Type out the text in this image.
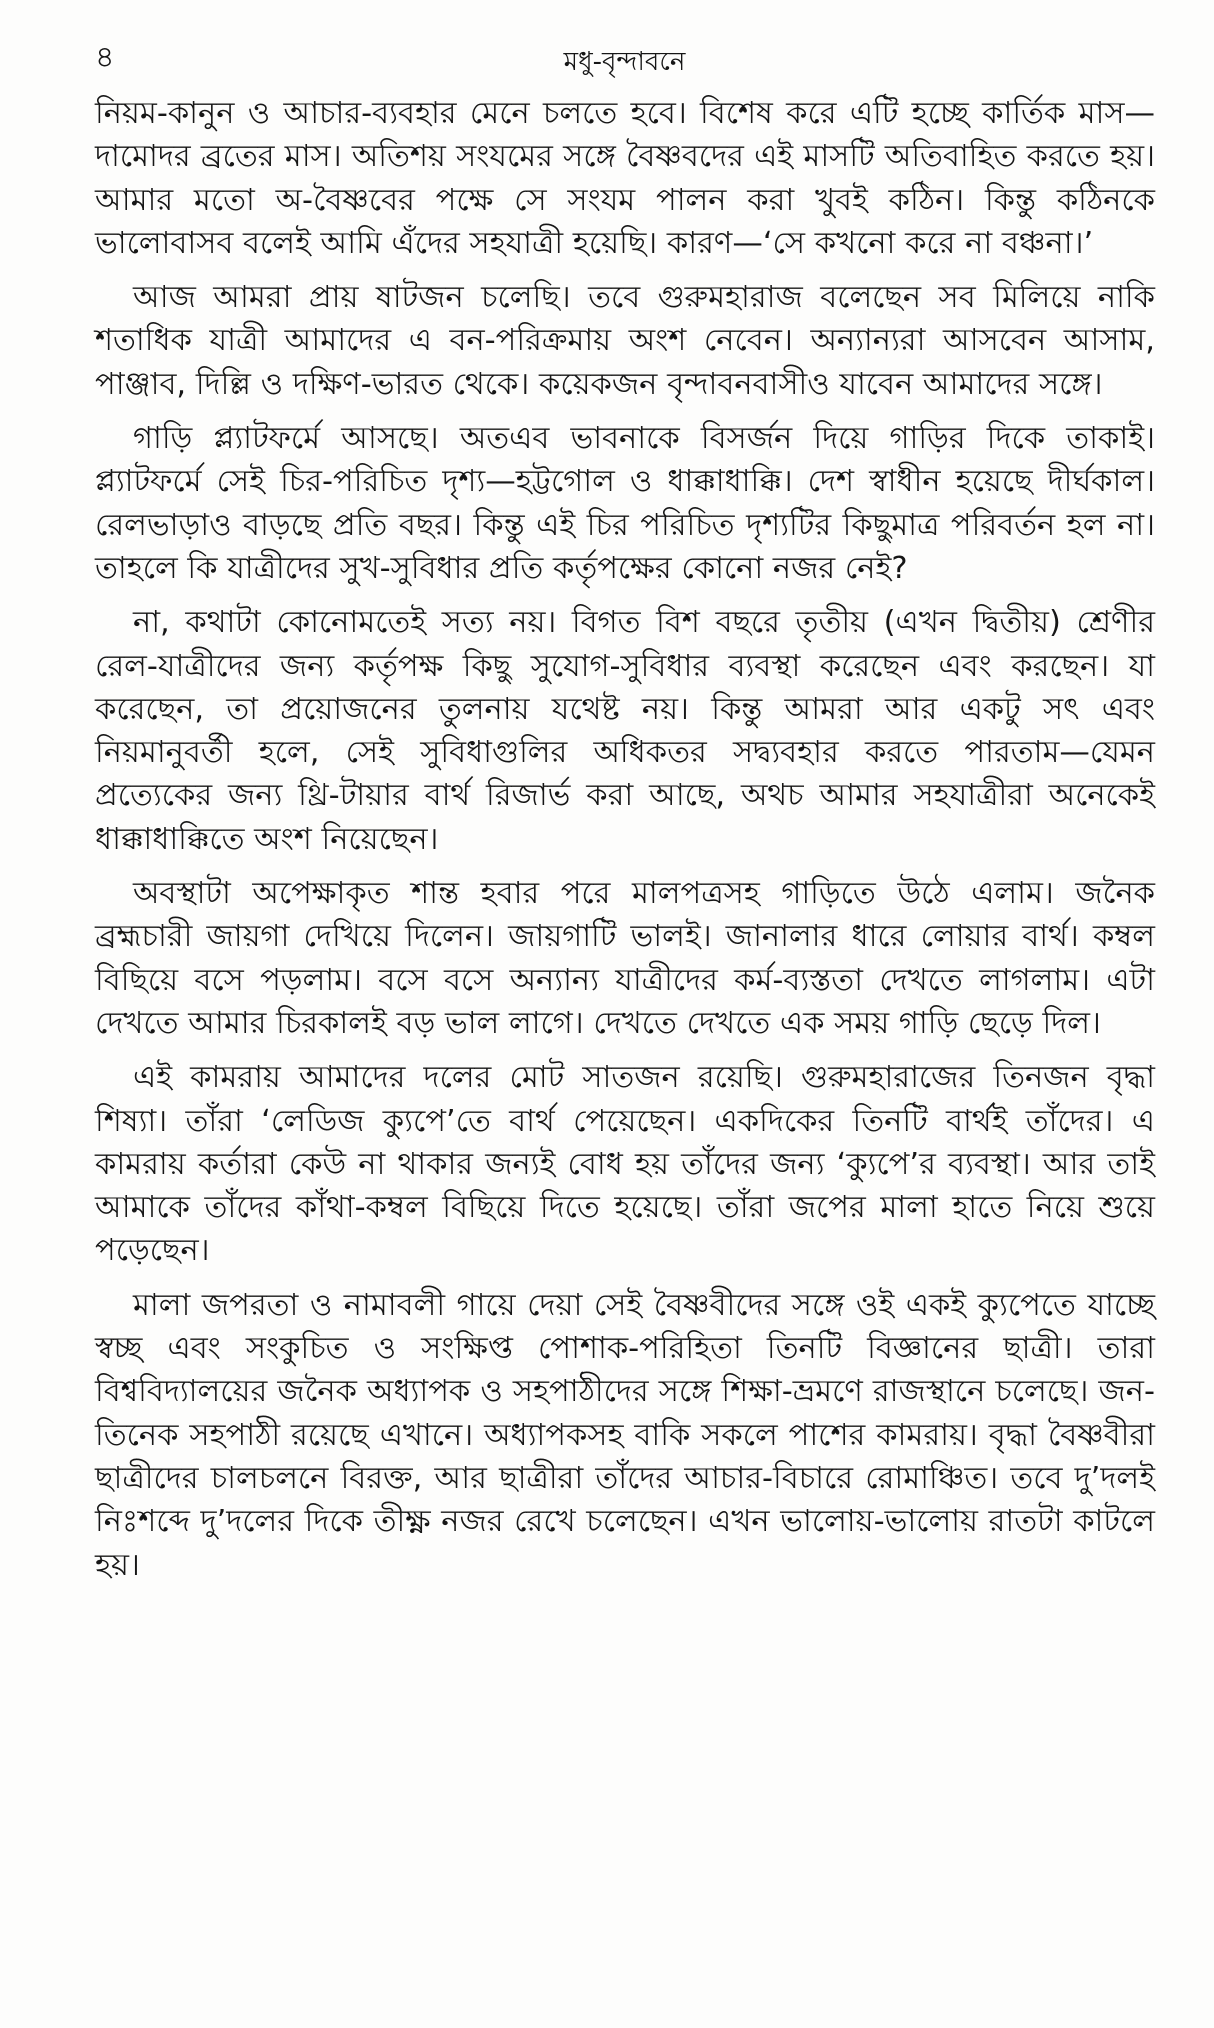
৪	মধু-বৃন্দাবনে

নিয়ম-কানুন ও আচার-ব্যবহার মেনে চলতে হবে। বিশেষ করে এটি হচ্ছে কার্তিক মাস—দামোদর ব্রতের মাস। অতিশয় সংযমের সঙ্গে বৈষ্ণবদের এই মাসটি অতিবাহিত করতে হয়। আমার মতো অ-বৈষ্ণবের পক্ষে সে সংযম পালন করা খুবই কঠিন। কিন্তু কঠিনকে ভালোবাসব বলেই আমি এঁদের সহযাত্রী হয়েছি। কারণ—‘সে কখনো করে না বঞ্চনা।’

আজ আমরা প্রায় ষাটজন চলেছি। তবে গুরুমহারাজ বলেছেন সব মিলিয়ে নাকি শতাধিক যাত্রী আমাদের এ বন-পরিক্রমায় অংশ নেবেন। অন্যান্যরা আসবেন আসাম, পাঞ্জাব, দিল্লি ও দক্ষিণ-ভারত থেকে। কয়েকজন বৃন্দাবনবাসীও যাবেন আমাদের সঙ্গে।

গাড়ি প্ল্যাটফর্মে আসছে। অতএব ভাবনাকে বিসর্জন দিয়ে গাড়ির দিকে তাকাই। প্ল্যাটফর্মে সেই চির-পরিচিত দৃশ্য—হট্টগোল ও ধাক্কাধাক্কি। দেশ স্বাধীন হয়েছে দীর্ঘকাল। রেলভাড়াও বাড়ছে প্রতি বছর। কিন্তু এই চির পরিচিত দৃশ্যটির কিছুমাত্র পরিবর্তন হল না। তাহলে কি যাত্রীদের সুখ-সুবিধার প্রতি কর্তৃপক্ষের কোনো নজর নেই?

না, কথাটা কোনোমতেই সত্য নয়। বিগত বিশ বছরে তৃতীয় (এখন দ্বিতীয়) শ্রেণীর রেল-যাত্রীদের জন্য কর্তৃপক্ষ কিছু সুযোগ-সুবিধার ব্যবস্থা করেছেন এবং করছেন। যা করেছেন, তা প্রয়োজনের তুলনায় যথেষ্ট নয়। কিন্তু আমরা আর একটু সৎ এবং নিয়মানুবর্তী হলে, সেই সুবিধাগুলির অধিকতর সদ্ব্যবহার করতে পারতাম—যেমন প্রত্যেকের জন্য থ্রি-টায়ার বার্থ রিজার্ভ করা আছে, অথচ আমার সহযাত্রীরা অনেকেই ধাক্কাধাক্কিতে অংশ নিয়েছেন।

অবস্থাটা অপেক্ষাকৃত শান্ত হবার পরে মালপত্রসহ গাড়িতে উঠে এলাম। জনৈক ব্রহ্মচারী জায়গা দেখিয়ে দিলেন। জায়গাটি ভালই। জানালার ধারে লোয়ার বার্থ। কম্বল বিছিয়ে বসে পড়লাম। বসে বসে অন্যান্য যাত্রীদের কর্ম-ব্যস্ততা দেখতে লাগলাম। এটা দেখতে আমার চিরকালই বড় ভাল লাগে। দেখতে দেখতে এক সময় গাড়ি ছেড়ে দিল।

এই কামরায় আমাদের দলের মোট সাতজন রয়েছি। গুরুমহারাজের তিনজন বৃদ্ধা শিষ্যা। তাঁরা ‘লেডিজ ক্যুপে’তে বার্থ পেয়েছেন। একদিকের তিনটি বার্থই তাঁদের। এ কামরায় কর্তারা কেউ না থাকার জন্যই বোধ হয় তাঁদের জন্য ‘ক্যুপে’র ব্যবস্থা। আর তাই আমাকে তাঁদের কাঁথা-কম্বল বিছিয়ে দিতে হয়েছে। তাঁরা জপের মালা হাতে নিয়ে শুয়ে পড়েছেন।

মালা জপরতা ও নামাবলী গায়ে দেয়া সেই বৈষ্ণবীদের সঙ্গে ওই একই ক্যুপেতে যাচ্ছে স্বচ্ছ এবং সংকুচিত ও সংক্ষিপ্ত পোশাক-পরিহিতা তিনটি বিজ্ঞানের ছাত্রী। তারা বিশ্ববিদ্যালয়ের জনৈক অধ্যাপক ও সহপাঠীদের সঙ্গে শিক্ষা-ভ্রমণে রাজস্থানে চলেছে। জন-তিনেক সহপাঠী রয়েছে এখানে। অধ্যাপকসহ বাকি সকলে পাশের কামরায়। বৃদ্ধা বৈষ্ণবীরা ছাত্রীদের চালচলনে বিরক্ত, আর ছাত্রীরা তাঁদের আচার-বিচারে রোমাঞ্চিত। তবে দু’দলই নিঃশব্দে দু’দলের দিকে তীক্ষ্ণ নজর রেখে চলেছেন। এখন ভালোয়-ভালোয় রাতটা কাটলে হয়।
